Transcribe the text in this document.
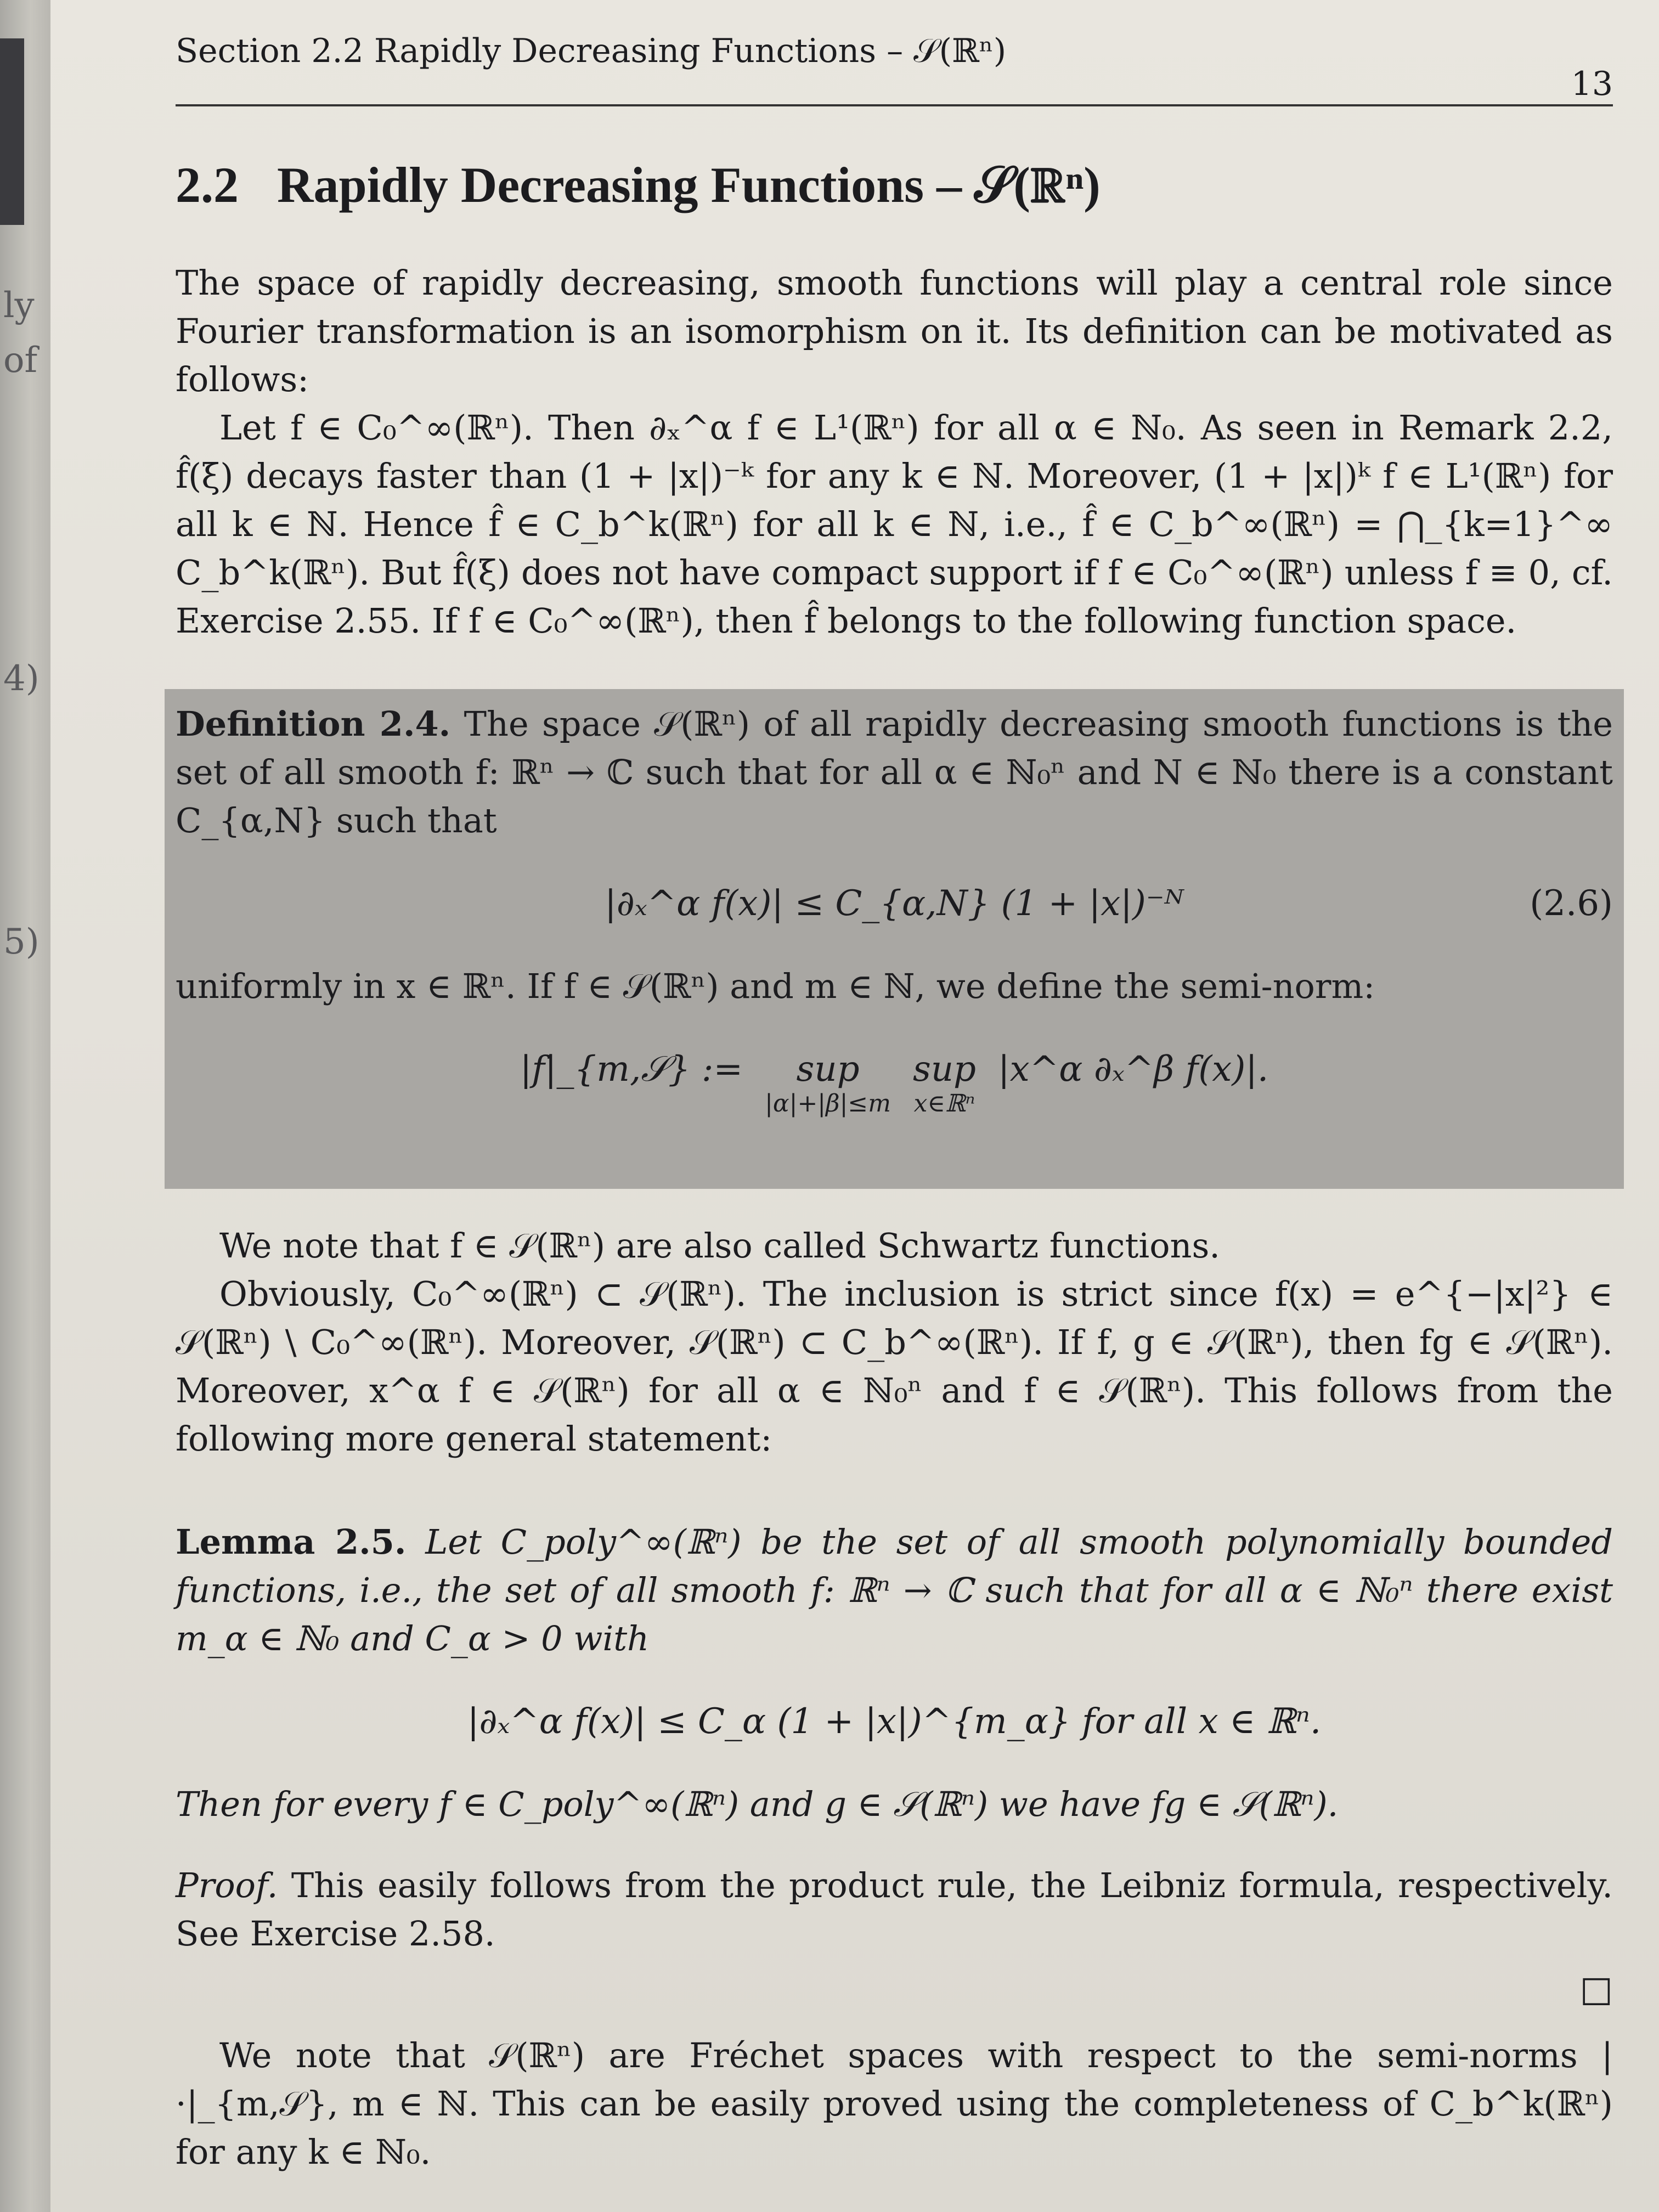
ly
of
4)
5)
Section 2.2 Rapidly Decreasing Functions – 𝒮(ℝⁿ)
13
2.2 Rapidly Decreasing Functions – 𝒮(ℝⁿ)

The space of rapidly decreasing, smooth functions will play a central role since Fourier transformation is an isomorphism on it. Its definition can be motivated as follows:

Let f ∈ C₀^∞(ℝⁿ). Then ∂ₓ^α f ∈ L¹(ℝⁿ) for all α ∈ ℕ₀. As seen in Remark 2.2, f̂(ξ) decays faster than (1 + |x|)⁻ᵏ for any k ∈ ℕ. Moreover, (1 + |x|)ᵏ f ∈ L¹(ℝⁿ) for all k ∈ ℕ. Hence f̂ ∈ C_b^k(ℝⁿ) for all k ∈ ℕ, i.e., f̂ ∈ C_b^∞(ℝⁿ) = ⋂_{k=1}^∞ C_b^k(ℝⁿ). But f̂(ξ) does not have compact support if f ∈ C₀^∞(ℝⁿ) unless f ≡ 0, cf. Exercise 2.55. If f ∈ C₀^∞(ℝⁿ), then f̂ belongs to the following function space.

Definition 2.4. The space 𝒮(ℝⁿ) of all rapidly decreasing smooth functions is the set of all smooth f: ℝⁿ → ℂ such that for all α ∈ ℕ₀ⁿ and N ∈ ℕ₀ there is a constant C_{α,N} such that

|∂ₓ^α f(x)| ≤ C_{α,N} (1 + |x|)⁻ᴺ	(2.6)

uniformly in x ∈ ℝⁿ. If f ∈ 𝒮(ℝⁿ) and m ∈ ℕ, we define the semi-norm:

|f|_{m,𝒮} := sup
|α|+|β|≤m
sup
x∈ℝⁿ
|x^α ∂ₓ^β f(x)|.

We note that f ∈ 𝒮(ℝⁿ) are also called Schwartz functions.

Obviously, C₀^∞(ℝⁿ) ⊂ 𝒮(ℝⁿ). The inclusion is strict since f(x) = e^{−|x|²} ∈ 𝒮(ℝⁿ) \ C₀^∞(ℝⁿ). Moreover, 𝒮(ℝⁿ) ⊂ C_b^∞(ℝⁿ). If f, g ∈ 𝒮(ℝⁿ), then fg ∈ 𝒮(ℝⁿ). Moreover, x^α f ∈ 𝒮(ℝⁿ) for all α ∈ ℕ₀ⁿ and f ∈ 𝒮(ℝⁿ). This follows from the following more general statement:

Lemma 2.5. Let C_poly^∞(ℝⁿ) be the set of all smooth polynomially bounded functions, i.e., the set of all smooth f: ℝⁿ → ℂ such that for all α ∈ ℕ₀ⁿ there exist m_α ∈ ℕ₀ and C_α > 0 with

|∂ₓ^α f(x)| ≤ C_α (1 + |x|)^{m_α} for all x ∈ ℝⁿ.

Then for every f ∈ C_poly^∞(ℝⁿ) and g ∈ 𝒮(ℝⁿ) we have fg ∈ 𝒮(ℝⁿ).

Proof. This easily follows from the product rule, the Leibniz formula, respectively. See Exercise 2.58.

□

We note that 𝒮(ℝⁿ) are Fréchet spaces with respect to the semi-norms |·|_{m,𝒮}, m ∈ ℕ. This can be easily proved using the completeness of C_b^k(ℝⁿ) for any k ∈ ℕ₀.
